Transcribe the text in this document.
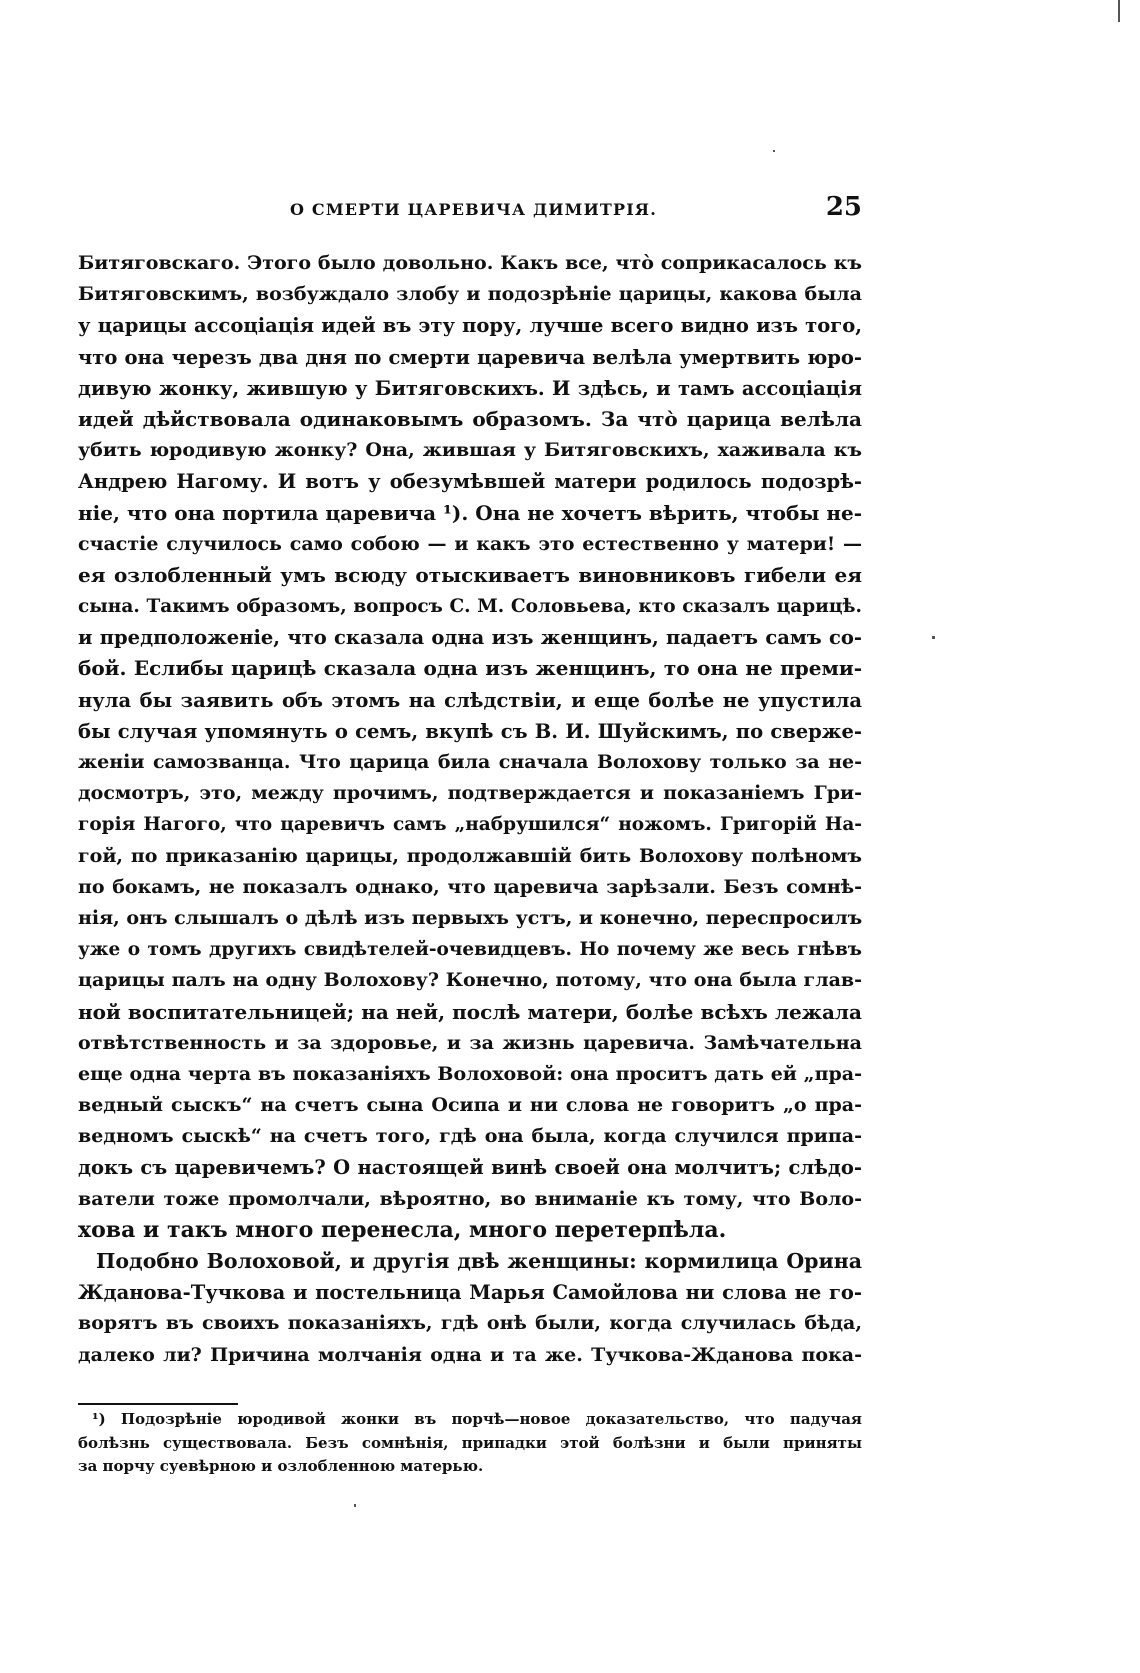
О СМЕРТИ ЦАРЕВИЧА ДИМИТРІЯ.	25
Битяговскаго. Этого было довольно. Какъ все, что̀ соприкасалось къ
Битяговскимъ, возбуждало злобу и подозрѣніе царицы, какова была
у царицы ассоціація идей въ эту пору, лучше всего видно изъ того,
что она черезъ два дня по смерти царевича велѣла умертвить юро-
дивую жонку, жившую у Битяговскихъ. И здѣсь, и тамъ ассоціація
идей дѣйствовала одинаковымъ образомъ. За что̀ царица велѣла
убить юродивую жонку? Она, жившая у Битяговскихъ, хаживала къ
Андрею Нагому. И вотъ у обезумѣвшей матери родилось подозрѣ-
ніе, что она портила царевича ¹). Она не хочетъ вѣрить, чтобы не-
счастіе случилось само собою — и какъ это естественно у матери! —
ея озлобленный умъ всюду отыскиваетъ виновниковъ гибели ея
сына. Такимъ образомъ, вопросъ С. М. Соловьева, кто сказалъ царицѣ.
и предположеніе, что сказала одна изъ женщинъ, падаетъ самъ со-
бой. Еслибы царицѣ сказала одна изъ женщинъ, то она не преми-
нула бы заявить объ этомъ на слѣдствіи, и еще болѣе не упустила
бы случая упомянуть о семъ, вкупѣ съ В. И. Шуйскимъ, по сверже-
женіи самозванца. Что царица била сначала Волохову только за не-
досмотръ, это, между прочимъ, подтверждается и показаніемъ Гри-
горія Нагого, что царевичъ самъ „набрушился“ ножомъ. Григорій На-
гой, по приказанію царицы, продолжавшій бить Волохову полѣномъ
по бокамъ, не показалъ однако, что царевича зарѣзали. Безъ сомнѣ-
нія, онъ слышалъ о дѣлѣ изъ первыхъ устъ, и конечно, переспросилъ
уже о томъ другихъ свидѣтелей-очевидцевъ. Но почему же весь гнѣвъ
царицы палъ на одну Волохову? Конечно, потому, что она была глав-
ной воспитательницей; на ней, послѣ матери, болѣе всѣхъ лежала
отвѣтственность и за здоровье, и за жизнь царевича. Замѣчательна
еще одна черта въ показаніяхъ Волоховой: она проситъ дать ей „пра-
ведный сыскъ“ на счетъ сына Осипа и ни слова не говоритъ „о пра-
ведномъ сыскѣ“ на счетъ того, гдѣ она была, когда случился припа-
докъ съ царевичемъ? О настоящей винѣ своей она молчитъ; слѣдо-
ватели тоже промолчали, вѣроятно, во вниманіе къ тому, что Воло-
хова и такъ много перенесла, много перетерпѣла.
Подобно Волоховой, и другія двѣ женщины: кормилица Орина
Жданова-Тучкова и постельница Марья Самойлова ни слова не го-
ворятъ въ своихъ показаніяхъ, гдѣ онѣ были, когда случилась бѣда,
далеко ли? Причина молчанія одна и та же. Тучкова-Жданова пока-
¹) Подозрѣніе юродивой жонки въ порчѣ—новое доказательство, что падучая
болѣзнь существовала. Безъ сомнѣнія, припадки этой болѣзни и были приняты
за порчу суевѣрною и озлобленною матерью.
